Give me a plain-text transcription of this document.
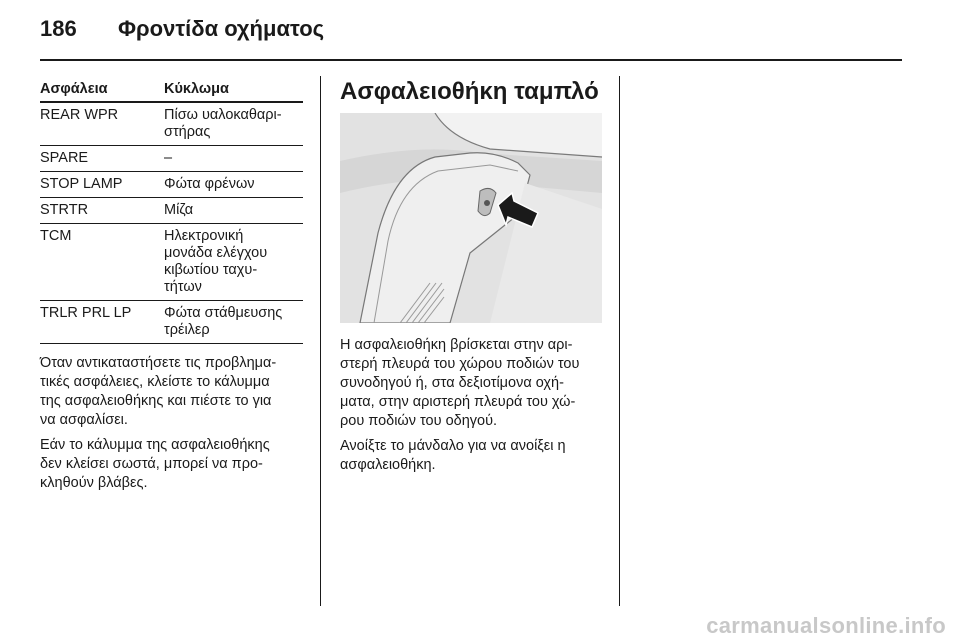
186	Φροντίδα οχήματος
Ασφάλεια	Κύκλωμα
REAR WPR	Πίσω υαλοκαθαρι-
στήρας
SPARE	–
STOP LAMP	Φώτα φρένων
STRTR	Μίζα
TCM	Ηλεκτρονική
μονάδα ελέγχου
κιβωτίου ταχυ-
τήτων
TRLR PRL LP	Φώτα στάθμευσης
τρέιλερ

Όταν αντικαταστήσετε τις προβλημα-
τικές ασφάλειες, κλείστε το κάλυμμα
της ασφαλειοθήκης και πιέστε το για
να ασφαλίσει.

Εάν το κάλυμμα της ασφαλειοθήκης
δεν κλείσει σωστά, μπορεί να προ-
κληθούν βλάβες.

Ασφαλειοθήκη ταμπλό

Η ασφαλειοθήκη βρίσκεται στην αρι-
στερή πλευρά του χώρου ποδιών του
συνοδηγού ή, στα δεξιοτίμονα οχή-
ματα, στην αριστερή πλευρά του χώ-
ρου ποδιών του οδηγού.

Ανοίξτε το μάνδαλο για να ανοίξει η
ασφαλειοθήκη.

carmanualsonline.info
